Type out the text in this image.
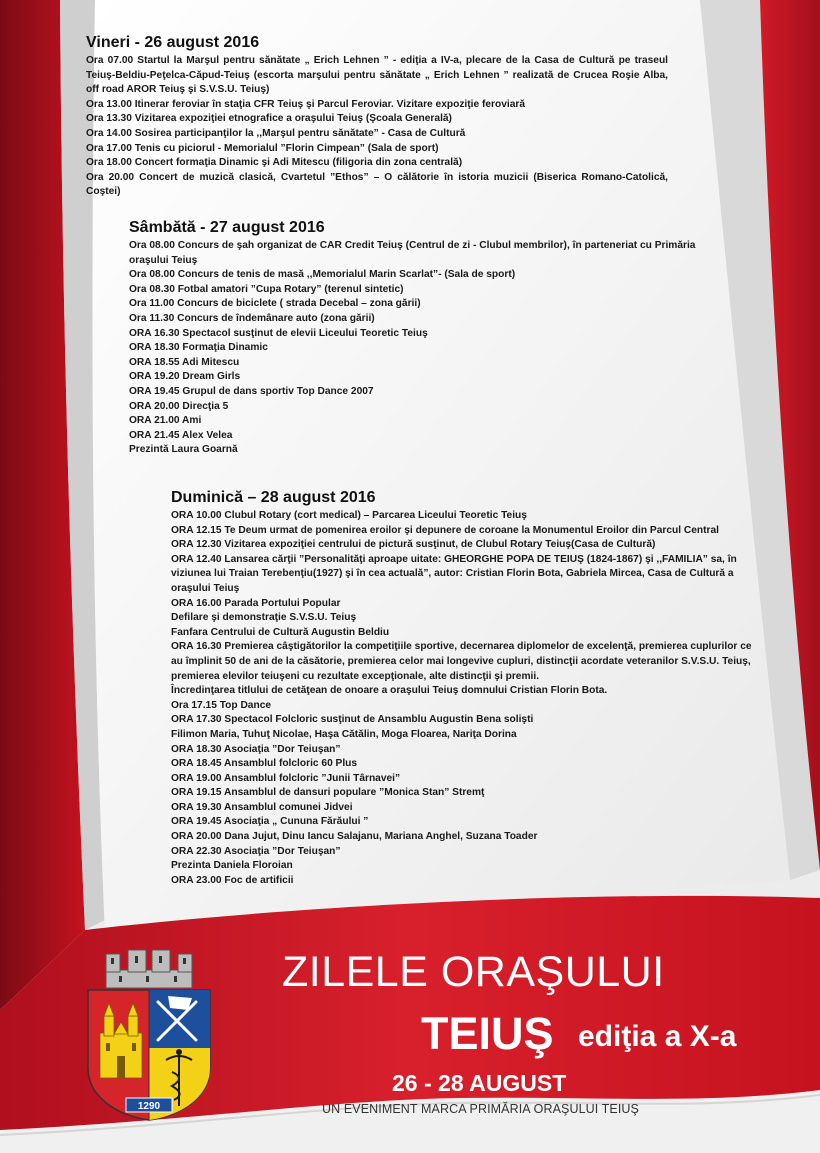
Vineri - 26 august 2016
Ora 07.00 Startul la Marşul pentru sănătate „ Erich Lehnen ” - ediţia a IV-a, plecare de la Casa de Cultură pe traseul Teiuş-Beldiu-Peţelca-Căpud-Teiuş (escorta marşului pentru sănătate „ Erich Lehnen ” realizată de Crucea Roşie Alba, off road AROR Teiuş şi S.V.S.U. Teiuş)
Ora 13.00 Itinerar feroviar în staţia CFR Teiuş şi Parcul Feroviar. Vizitare expoziţie feroviară
Ora 13.30 Vizitarea expoziţiei etnografice a oraşului Teiuş (Şcoala Generală)
Ora 14.00 Sosirea participanţilor la ,,Marşul pentru sănătate” - Casa de Cultură
Ora 17.00 Tenis cu piciorul - Memorialul ”Florin Cimpean” (Sala de sport)
Ora 18.00 Concert formaţia Dinamic şi Adi Mitescu (filigoria din zona centrală)
Ora 20.00 Concert de muzică clasică, Cvartetul ”Ethos” – O călătorie în istoria muzicii (Biserica Romano-Catolică, Coştei)
Sâmbătă - 27 august 2016
Ora 08.00 Concurs de şah organizat de CAR Credit Teiuş (Centrul de zi - Clubul membrilor), în parteneriat cu Primăria oraşului Teiuş
Ora 08.00 Concurs de tenis de masă ,,Memorialul Marin Scarlat”- (Sala de sport)
Ora 08.30 Fotbal amatori ”Cupa Rotary” (terenul sintetic)
Ora 11.00 Concurs de biciclete ( strada Decebal – zona gării)
Ora 11.30 Concurs de îndemânare auto (zona gării)
ORA 16.30 Spectacol susţinut de elevii Liceului Teoretic Teiuş
ORA 18.30 Formaţia Dinamic
ORA 18.55 Adi Mitescu
ORA 19.20 Dream Girls
ORA 19.45 Grupul de dans sportiv Top Dance 2007
ORA 20.00 Direcţia 5
ORA 21.00 Ami
ORA 21.45 Alex Velea
Prezintă Laura Goarnă
Duminică – 28 august 2016
ORA 10.00 Clubul Rotary (cort medical) – Parcarea Liceului Teoretic Teiuş
ORA 12.15 Te Deum urmat de pomenirea eroilor şi depunere de coroane la Monumentul Eroilor din Parcul Central
ORA 12.30 Vizitarea expoziţiei centrului de pictură susţinut, de Clubul Rotary Teiuş(Casa de Cultură)
ORA 12.40 Lansarea cărţii ”Personalităţi aproape uitate: GHEORGHE POPA DE TEIUŞ (1824-1867) şi ,,FAMILIA” sa, în viziunea lui Traian Terebenţiu(1927) şi în cea actuală”, autor: Cristian Florin Bota, Gabriela Mircea, Casa de Cultură a oraşului Teiuş
ORA 16.00 Parada Portului Popular
Defilare şi demonstraţie S.V.S.U. Teiuş
Fanfara Centrului de Cultură Augustin Beldiu
ORA 16.30 Premierea câştigătorilor la competiţiile sportive, decernarea diplomelor de excelenţă, premierea cuplurilor ce au împlinit 50 de ani de la căsătorie, premierea celor mai longevive cupluri, distincţii acordate veteranilor S.V.S.U. Teiuş, premierea elevilor teiuşeni cu rezultate excepţionale, alte distincţii şi premii.
Încredinţarea titlului de cetăţean de onoare a oraşului Teiuş domnului Cristian Florin Bota.
Ora 17.15 Top Dance
ORA 17.30 Spectacol Folcloric susţinut de Ansamblu Augustin Bena solişti
Filimon Maria, Tuhuţ Nicolae, Haşa Cătălin, Moga Floarea, Nariţa Dorina
ORA 18.30 Asociaţia ”Dor Teiuşan”
ORA 18.45 Ansamblul folcloric 60 Plus
ORA 19.00 Ansamblul folcloric ”Junii Târnavei”
ORA 19.15 Ansamblul de dansuri populare ”Monica Stan” Stremţ
ORA 19.30 Ansamblul comunei Jidvei
ORA 19.45 Asociaţia „ Cununa Fărăului ”
ORA 20.00 Dana Jujut, Dinu Iancu Salajanu, Mariana Anghel, Suzana Toader
ORA 22.30 Asociaţia ”Dor Teiuşan”
Prezinta Daniela Floroian
ORA 23.00 Foc de artificii
1290
ZILELE ORAŞULUI
TEIUŞ ediţia a X-a
26 - 28 AUGUST
UN EVENIMENT MARCA PRIMĂRIA ORAŞULUI TEIUŞ
